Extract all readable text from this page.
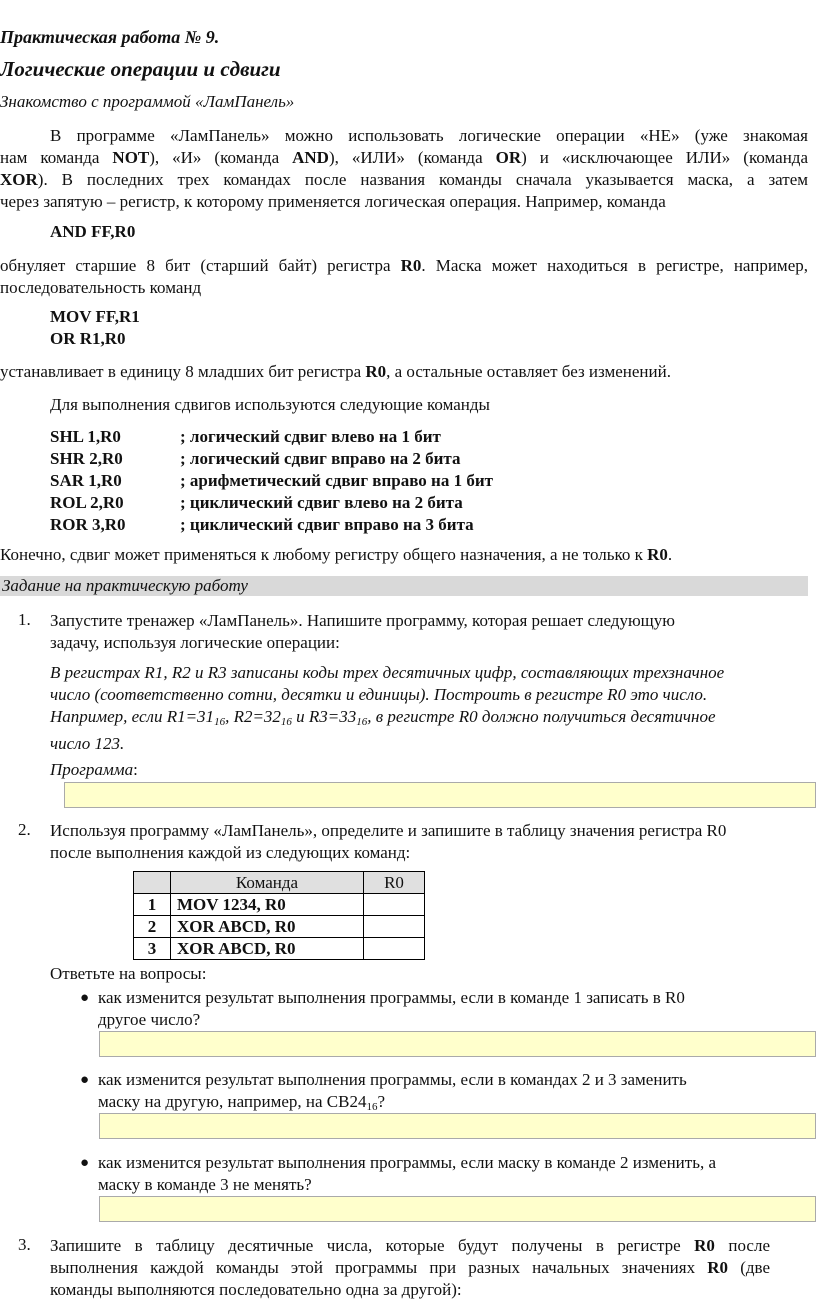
Практическая работа № 9.
Логические операции и сдвиги
Знакомство с программой «ЛамПанель»
В программе «ЛамПанель» можно использовать логические операции «НЕ» (уже знакомая
нам команда NOT), «И» (команда AND), «ИЛИ» (команда OR) и «исключающее ИЛИ» (команда
XOR). В последних трех командах после названия команды сначала указывается маска, а затем
через запятую – регистр, к которому применяется логическая операция. Например, команда
AND FF,R0
обнуляет старшие 8 бит (старший байт) регистра R0. Маска может находиться в регистре, например,
последовательность команд
MOV FF,R1
OR R1,R0
устанавливает в единицу 8 младших бит регистра R0, а остальные оставляет без изменений.
Для выполнения сдвигов используются следующие команды
SHL 1,R0	; логический сдвиг влево на 1 бит
SHR 2,R0	; логический сдвиг вправо на 2 бита
SAR 1,R0	; арифметический сдвиг вправо на 1 бит
ROL 2,R0	; циклический сдвиг влево на 2 бита
ROR 3,R0	; циклический сдвиг вправо на 3 бита
Конечно, сдвиг может применяться к любому регистру общего назначения, а не только к R0.
Задание на практическую работу
1. Запустите тренажер «ЛамПанель». Напишите программу, которая решает следующую
задачу, используя логические операции:
В регистрах R1, R2 и R3 записаны коды трех десятичных цифр, составляющих трехзначное
число (соответственно сотни, десятки и единицы). Построить в регистре R0 это число.
Например, если $R1=31_{16}$, $R2=32_{16}$ и $R3=33_{16}$, в регистре R0 должно получиться десятичное
число 123.
Программа:
2. Используя программу «ЛамПанель», определите и запишите в таблицу значения регистра R0
после выполнения каждой из следующих команд:
	Команда	R0
1	MOV 1234, R0	
2	XOR ABCD, R0	
3	XOR ABCD, R0	
Ответьте на вопросы:
● как изменится результат выполнения программы, если в команде 1 записать в R0
другое число?
● как изменится результат выполнения программы, если в командах 2 и 3 заменить
маску на другую, например, на $CB24_{16}$?
● как изменится результат выполнения программы, если маску в команде 2 изменить, а
маску в команде 3 не менять?
3. Запишите в таблицу десятичные числа, которые будут получены в регистре R0 после
выполнения каждой команды этой программы при разных начальных значениях R0 (две
команды выполняются последовательно одна за другой):
